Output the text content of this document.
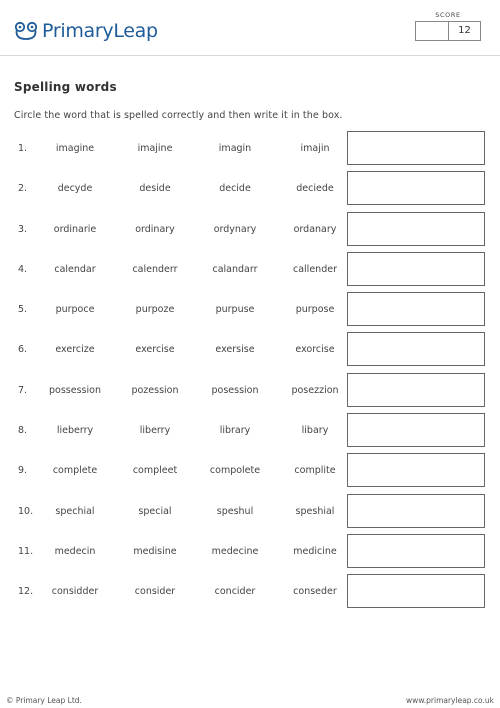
PrimaryLeap
SCORE
12
Spelling words
Circle the word that is spelled correctly and then write it in the box.
1.	imagine	imajine	imagin	imajin
2.	decyde	deside	decide	deciede
3.	ordinarie	ordinary	ordynary	ordanary
4.	calendar	calenderr	calandarr	callender
5.	purpoce	purpoze	purpuse	purpose
6.	exercize	exercise	exersise	exorcise
7.	possession	pozession	posession	posezzion
8.	lieberry	liberry	library	libary
9.	complete	compleet	compolete	complite
10.	spechial	special	speshul	speshial
11.	medecin	medisine	medecine	medicine
12.	considder	consider	concider	conseder
© Primary Leap Ltd.	www.primaryleap.co.uk
